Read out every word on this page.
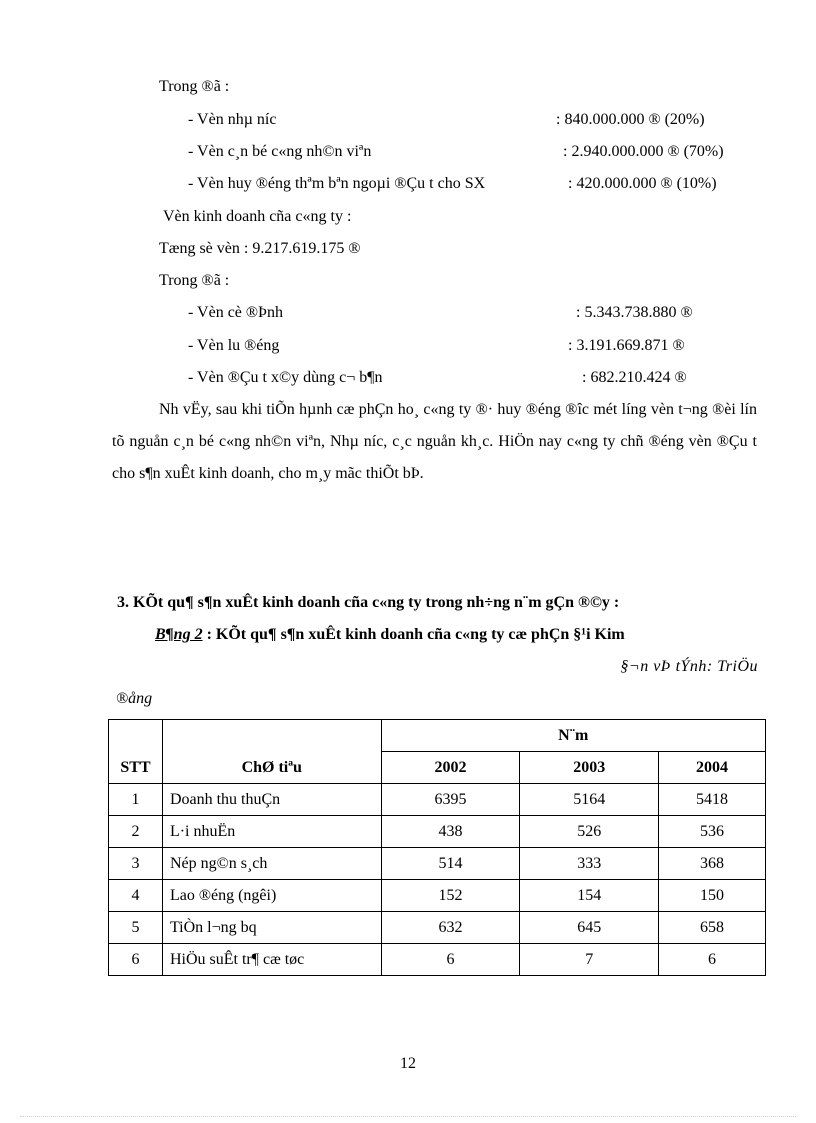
Trong ®ã :
- Vèn nhµ níc	: 840.000.000 ® (20%)
- Vèn c¸n bé c«ng nh©n viªn	: 2.940.000.000 ® (70%)
- Vèn huy ®éng thªm bªn ngoµi ®Çu t cho SX	: 420.000.000 ® (10%)
Vèn kinh doanh cña c«ng ty :
Tæng sè vèn : 9.217.619.175 ®
Trong ®ã :
- Vèn cè ®Þnh	: 5.343.738.880 ®
- Vèn lu ®éng	: 3.191.669.871 ®
- Vèn ®Çu t x©y dùng c¬ b¶n	: 682.210.424 ®
Nh vËy, sau khi tiÕn hµnh cæ phÇn ho¸ c«ng ty ®· huy ®éng ®îc mét líng vèn t¬ng ®èi lín tõ nguån c¸n bé c«ng nh©n viªn, Nhµ níc, c¸c nguån kh¸c. HiÖn nay c«ng ty chñ ®éng vèn ®Çu t cho s¶n xuÊt kinh doanh, cho m¸y mãc thiÕt bÞ.
3. KÕt qu¶ s¶n xuÊt kinh doanh cña c«ng ty trong nh÷ng n¨m gÇn ®©y :
B¶ng 2 : KÕt qu¶ s¶n xuÊt kinh doanh cña c«ng ty cæ phÇn §¹i Kim
§¬n vÞ tÝnh: TriÖu
®ång
STT	ChØ tiªu	N¨m		
		2002	2003	2004
1	Doanh thu thuÇn	6395	5164	5418
2	L·i nhuËn	438	526	536
3	Nép ng©n s¸ch	514	333	368
4	Lao ®éng (ngêi)	152	154	150
5	TiÒn l¬ng bq	632	645	658
6	HiÖu suÊt tr¶ cæ tøc	6	7	6
12
